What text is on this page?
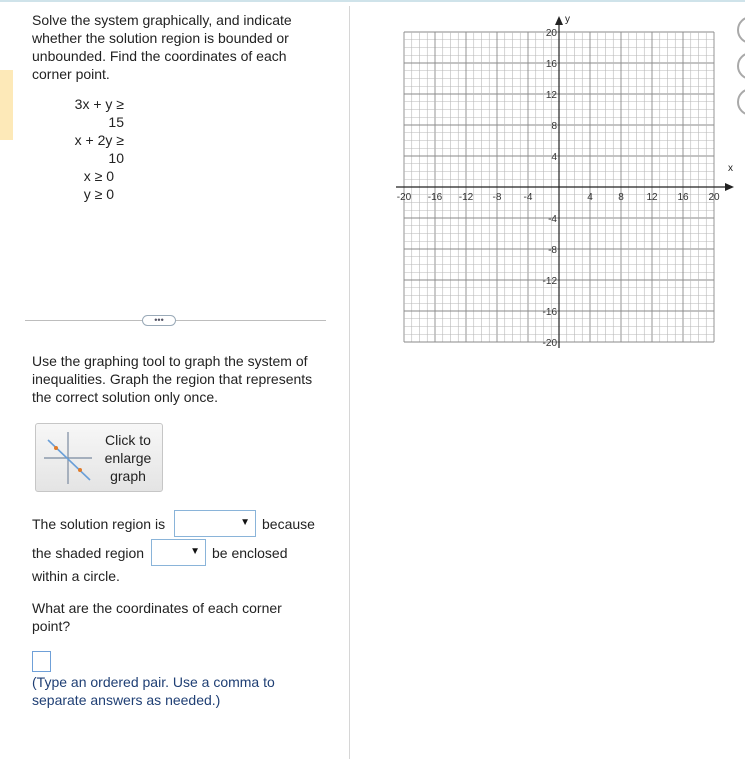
Solve the system graphically, and indicate whether the solution region is bounded or unbounded. Find the coordinates of each corner point.
3x + y ≥ 15
x + 2y ≥ 10
x ≥ 0
y ≥ 0
•••
Use the graphing tool to graph the system of inequalities. Graph the region that represents the correct solution only once.
Click to
enlarge
graph
The solution region is	▼ because
the shaded region	▼ be enclosed
within a circle.
What are the coordinates of each corner point?
(Type an ordered pair. Use a comma to separate answers as needed.)
x
y
-20 -16 -12 -8 -4	4	8 12 16 20
20
16
12
8
4
-4
-8
-12
-16
-20
